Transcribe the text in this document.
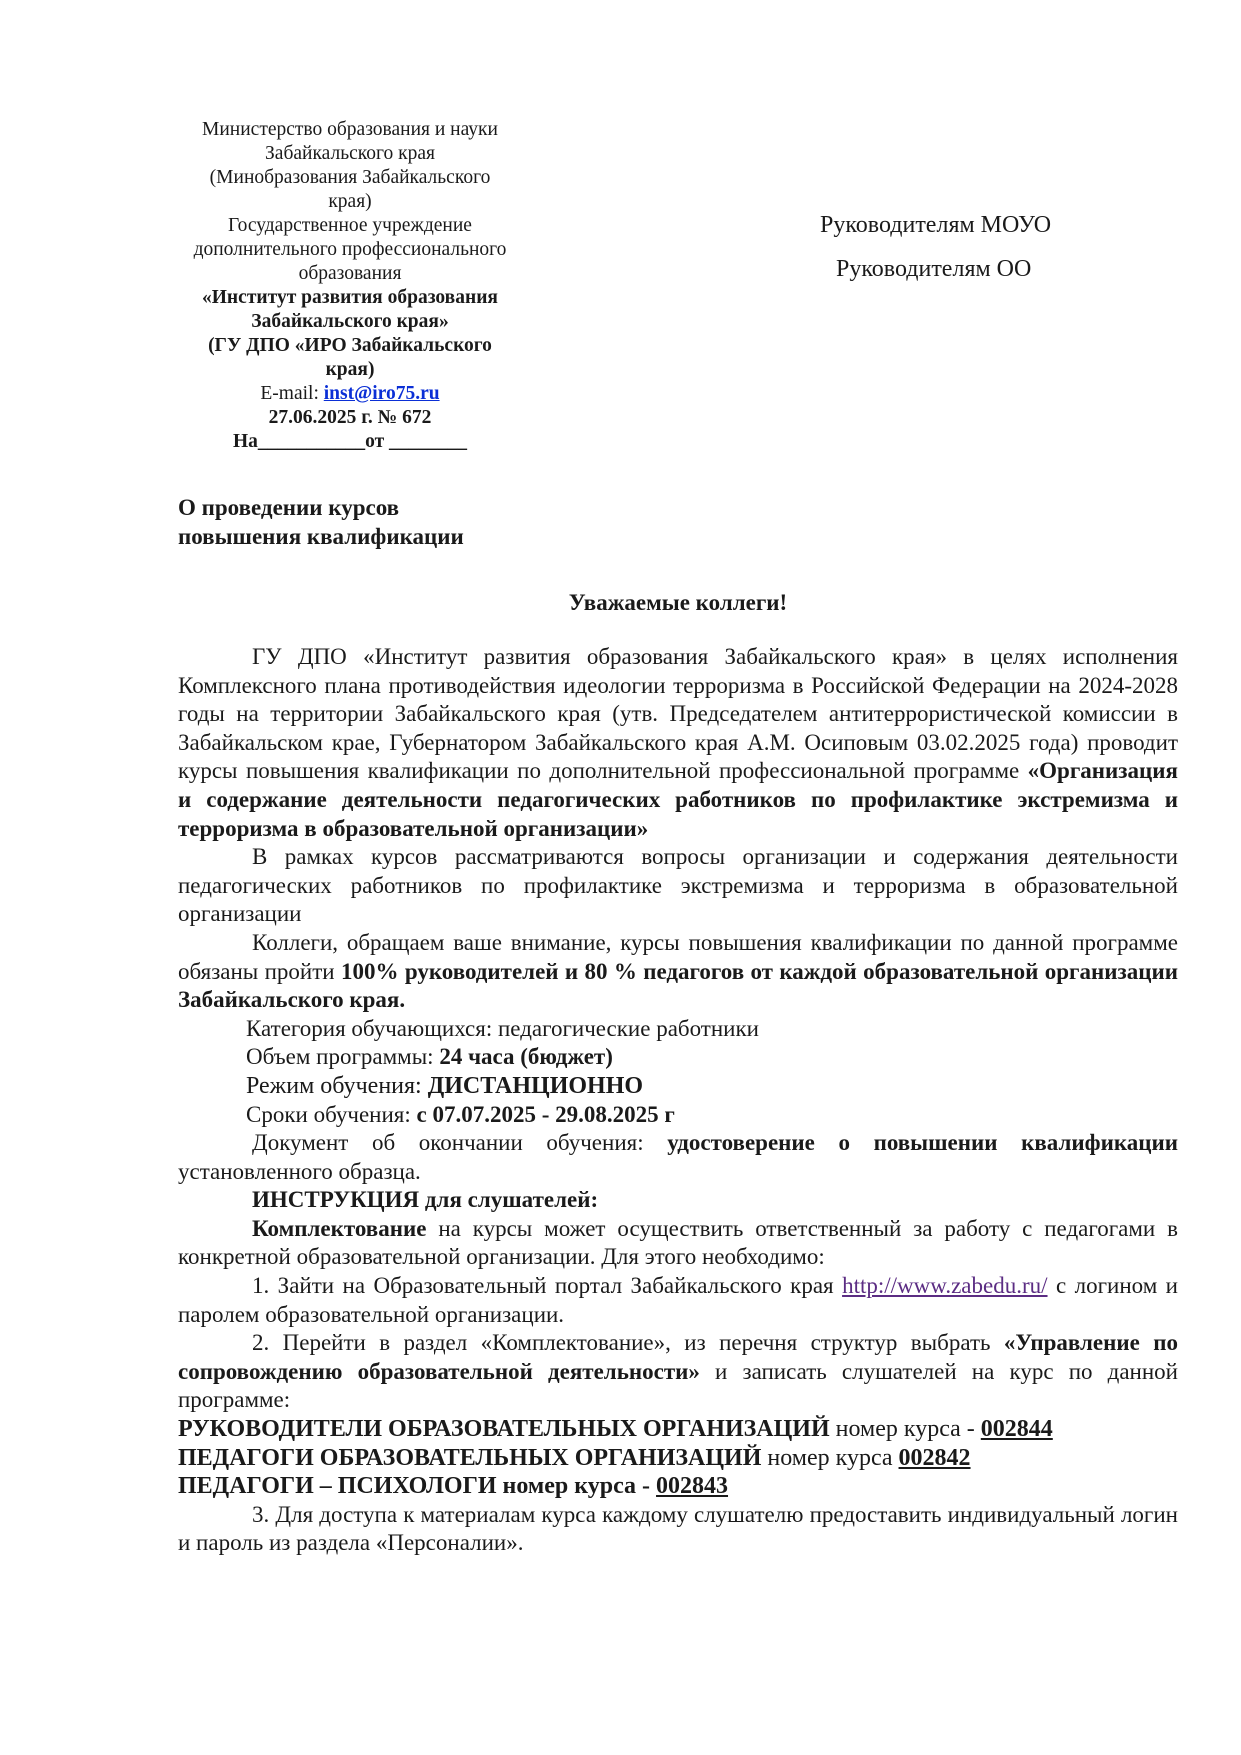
Министерство образования и науки
Забайкальского края
(Минобразования Забайкальского
края)
Государственное учреждение
дополнительного профессионального
образования
«Институт развития образования
Забайкальского края»
(ГУ ДПО «ИРО Забайкальского
края)
E-mail: inst@iro75.ru
27.06.2025 г. № 672
На___________от ________
Руководителям МОУО
Руководителям ОО
О проведении курсов
повышения квалификации
Уважаемые коллеги!

ГУ ДПО «Институт развития образования Забайкальского края» в целях исполнения Комплексного плана противодействия идеологии терроризма в Российской Федерации на 2024-2028 годы на территории Забайкальского края (утв. Председателем антитеррористической комиссии в Забайкальском крае, Губернатором Забайкальского края А.М. Осиповым 03.02.2025 года) проводит курсы повышения квалификации по дополнительной профессиональной программе «Организация и содержание деятельности педагогических работников по профилактике экстремизма и терроризма в образовательной организации»

В рамках курсов рассматриваются вопросы организации и содержания деятельности педагогических работников по профилактике экстремизма и терроризма в образовательной организации

Коллеги, обращаем ваше внимание, курсы повышения квалификации по данной программе обязаны пройти 100% руководителей и 80 % педагогов от каждой образовательной организации Забайкальского края.

Категория обучающихся: педагогические работники

Объем программы: 24 часа (бюджет)

Режим обучения: ДИСТАНЦИОННО

Сроки обучения: с 07.07.2025 - 29.08.2025 г

Документ об окончании обучения: удостоверение о повышении квалификации установленного образца.

ИНСТРУКЦИЯ для слушателей:

Комплектование на курсы может осуществить ответственный за работу с педагогами в конкретной образовательной организации. Для этого необходимо:

1. Зайти на Образовательный портал Забайкальского края http://www.zabedu.ru/ с логином и паролем образовательной организации.

2. Перейти в раздел «Комплектование», из перечня структур выбрать «Управление по сопровождению образовательной деятельности» и записать слушателей на курс по данной программе:

РУКОВОДИТЕЛИ ОБРАЗОВАТЕЛЬНЫХ ОРГАНИЗАЦИЙ номер курса - 002844

ПЕДАГОГИ ОБРАЗОВАТЕЛЬНЫХ ОРГАНИЗАЦИЙ номер курса 002842

ПЕДАГОГИ – ПСИХОЛОГИ номер курса - 002843

3. Для доступа к материалам курса каждому слушателю предоставить индивидуальный логин и пароль из раздела «Персоналии».
